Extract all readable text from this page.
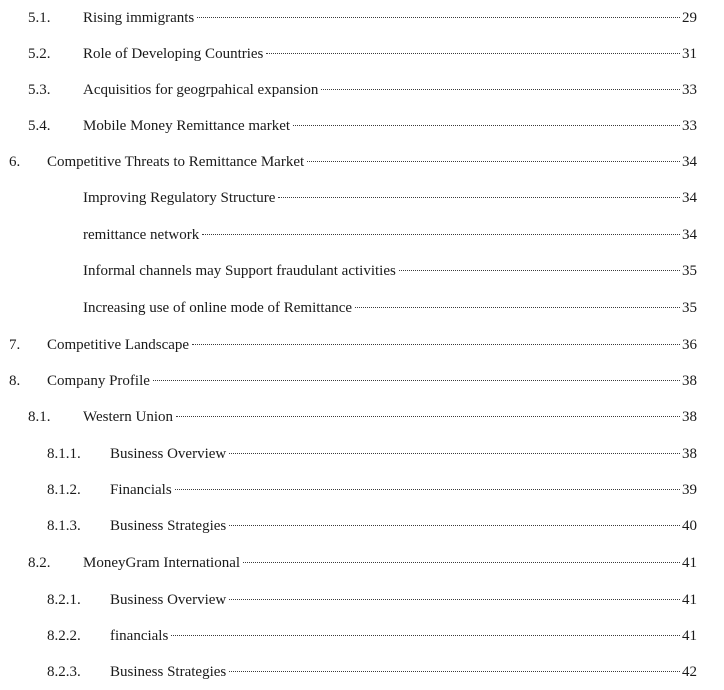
5.1. Rising immigrants	29
5.2. Role of Developing Countries	31
5.3. Acquisitios for geogrpahical expansion	33
5.4. Mobile Money Remittance market	33
6. Competitive Threats to Remittance Market	34
Improving Regulatory Structure	34
remittance network	34
Informal channels may Support fraudulant activities	35
Increasing use of online mode of Remittance	35
7. Competitive Landscape	36
8. Company Profile	38
8.1. Western Union	38
8.1.1. Business Overview	38
8.1.2. Financials	39
8.1.3. Business Strategies	40
8.2. MoneyGram International	41
8.2.1. Business Overview	41
8.2.2. financials	41
8.2.3. Business Strategies	42
